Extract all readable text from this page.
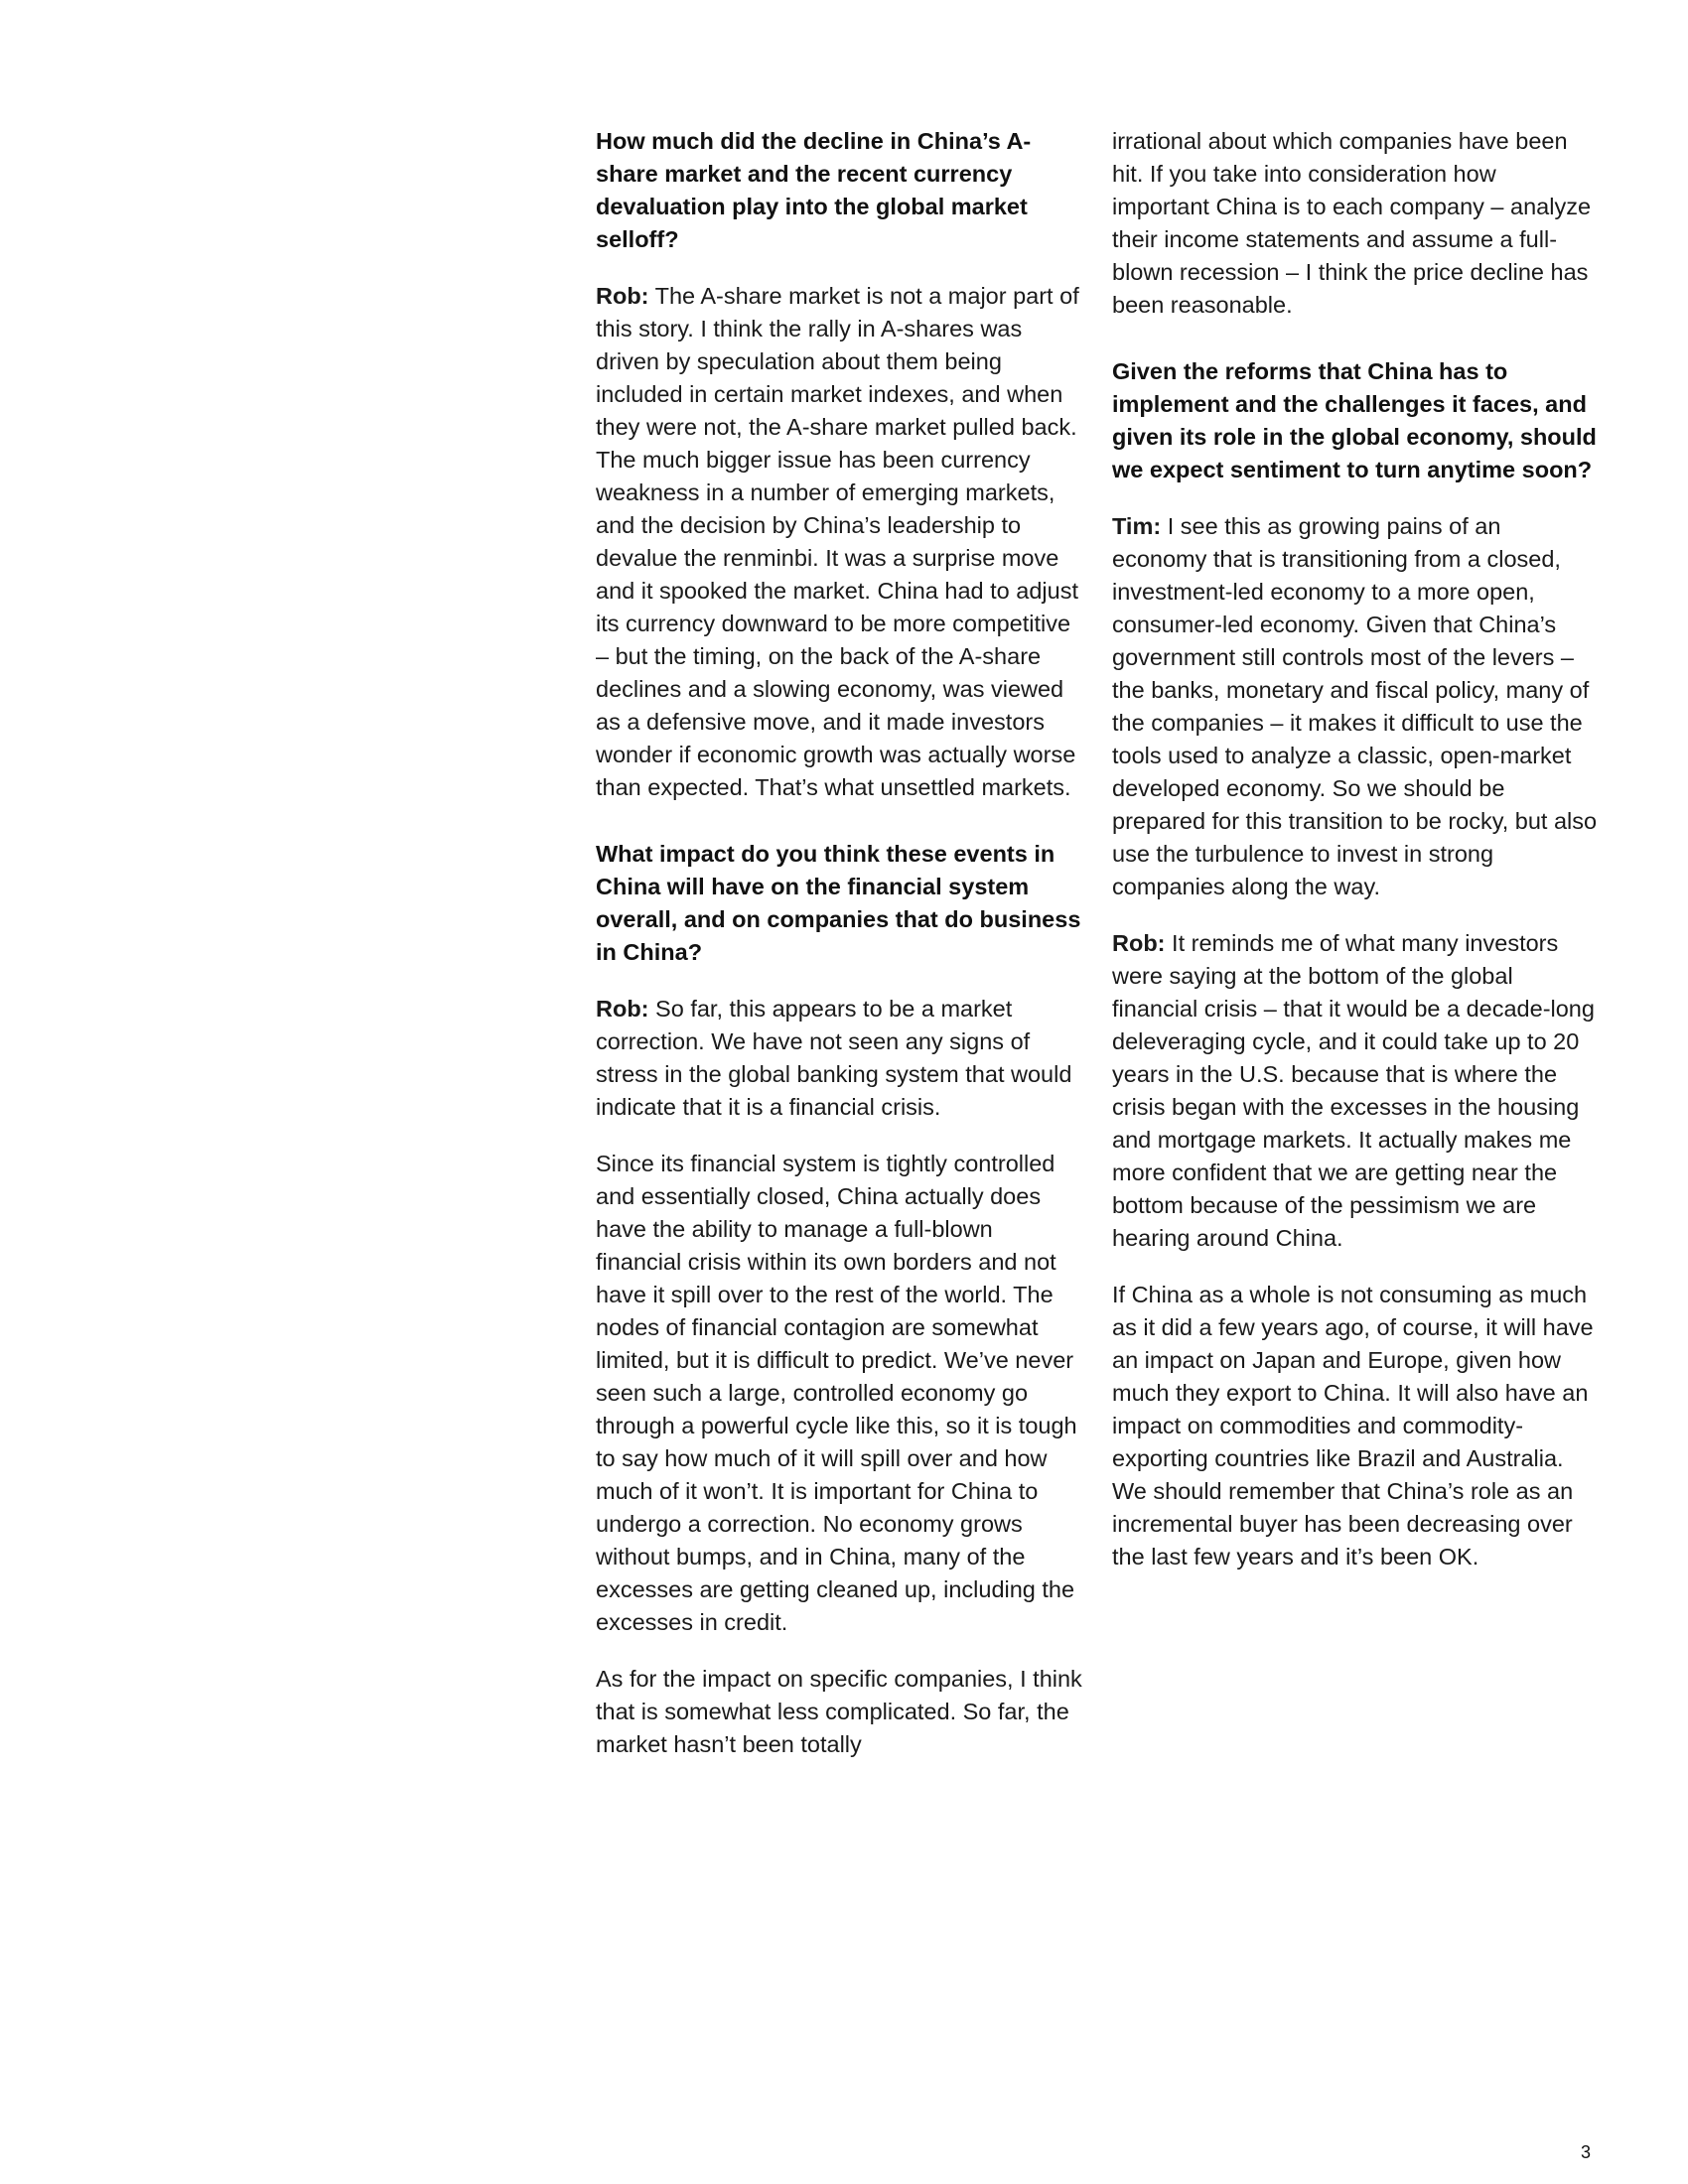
How much did the decline in China’s A-share market and the recent currency devaluation play into the global market selloff?

Rob: The A-share market is not a major part of this story. I think the rally in A-shares was driven by speculation about them being included in certain market indexes, and when they were not, the A-share market pulled back. The much bigger issue has been currency weakness in a number of emerging markets, and the decision by China’s leadership to devalue the renminbi. It was a surprise move and it spooked the market. China had to adjust its currency downward to be more competitive – but the timing, on the back of the A-share declines and a slowing economy, was viewed as a defensive move, and it made investors wonder if economic growth was actually worse than expected. That’s what unsettled markets.

What impact do you think these events in China will have on the financial system overall, and on companies that do business in China?

Rob: So far, this appears to be a market correction. We have not seen any signs of stress in the global banking system that would indicate that it is a financial crisis.

Since its financial system is tightly controlled and essentially closed, China actually does have the ability to manage a full-blown financial crisis within its own borders and not have it spill over to the rest of the world. The nodes of financial contagion are somewhat limited, but it is difficult to predict. We’ve never seen such a large, controlled economy go through a powerful cycle like this, so it is tough to say how much of it will spill over and how much of it won’t. It is important for China to undergo a correction. No economy grows without bumps, and in China, many of the excesses are getting cleaned up, including the excesses in credit.

As for the impact on specific companies, I think that is somewhat less complicated. So far, the market hasn’t been totally

irrational about which companies have been hit. If you take into consideration how important China is to each company – analyze their income statements and assume a full-blown recession – I think the price decline has been reasonable.

Given the reforms that China has to implement and the challenges it faces, and given its role in the global economy, should we expect sentiment to turn anytime soon?

Tim: I see this as growing pains of an economy that is transitioning from a closed, investment-led economy to a more open, consumer-led economy. Given that China’s government still controls most of the levers – the banks, monetary and fiscal policy, many of the companies – it makes it difficult to use the tools used to analyze a classic, open-market developed economy. So we should be prepared for this transition to be rocky, but also use the turbulence to invest in strong companies along the way.

Rob: It reminds me of what many investors were saying at the bottom of the global financial crisis – that it would be a decade-long deleveraging cycle, and it could take up to 20 years in the U.S. because that is where the crisis began with the excesses in the housing and mortgage markets. It actually makes me more confident that we are getting near the bottom because of the pessimism we are hearing around China.

If China as a whole is not consuming as much as it did a few years ago, of course, it will have an impact on Japan and Europe, given how much they export to China. It will also have an impact on commodities and commodity-exporting countries like Brazil and Australia. We should remember that China’s role as an incremental buyer has been decreasing over the last few years and it’s been OK.

3
